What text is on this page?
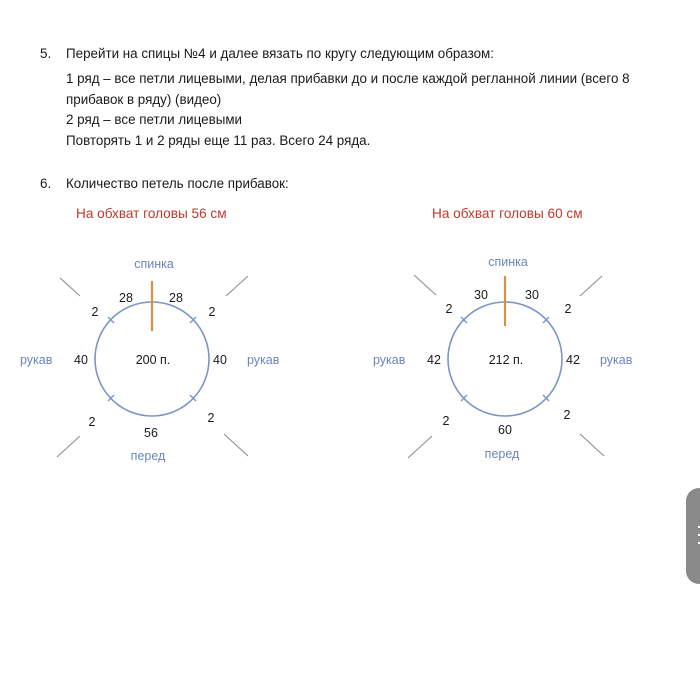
5. Перейти на спицы №4 и далее вязать по кругу следующим образом:
1 ряд – все петли лицевыми, делая прибавки до и после каждой регланной линии (всего 8
прибавок в ряду) (видео)
2 ряд – все петли лицевыми
Повторять 1 и 2 ряды еще 11 раз. Всего 24 ряда.
6. Количество петель после прибавок:
На обхват головы 56 см	На обхват головы 60 см
спинка
28	28
2	2
рукав 40	200 п.	40 рукав
2	2
56
перед
спинка
30	30
2	2
рукав 42	212 п.	42 рукав
2	2
60
перед
